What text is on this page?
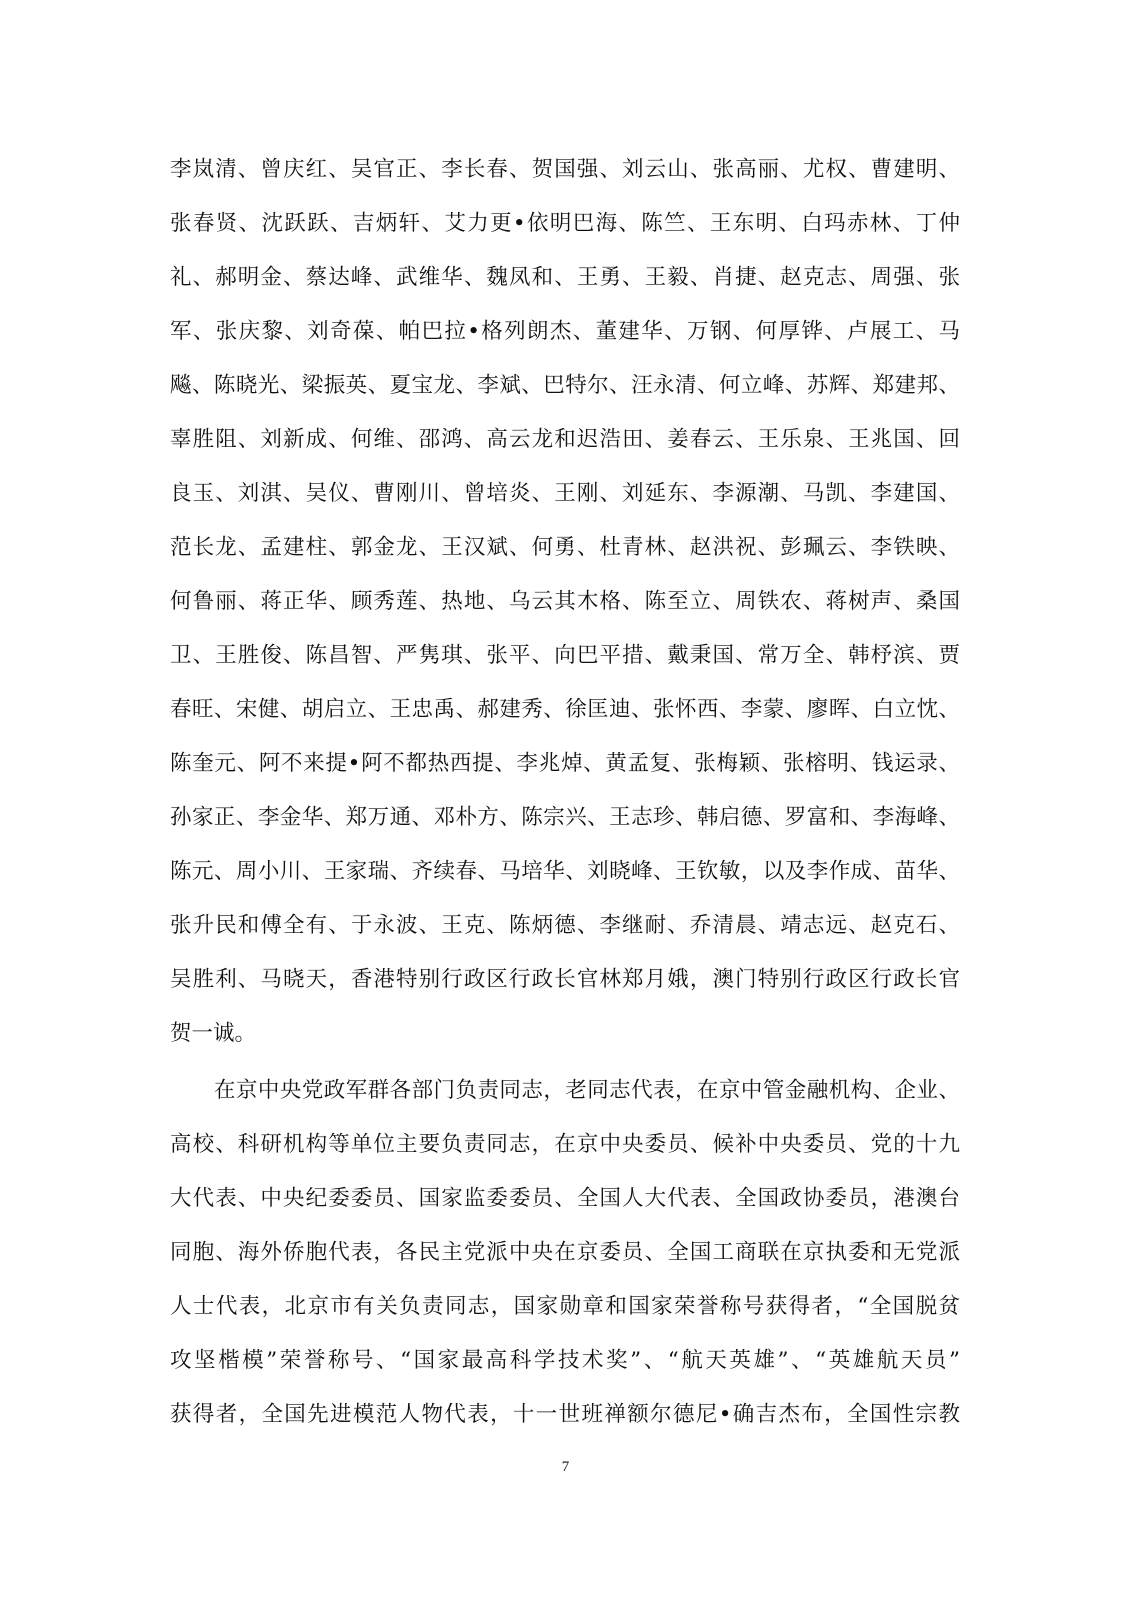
李岚清、曾庆红、吴官正、李长春、贺国强、刘云山、张高丽、尤权、曹建明、
张春贤、沈跃跃、吉炳轩、艾力更•依明巴海、陈竺、王东明、白玛赤林、丁仲
礼、郝明金、蔡达峰、武维华、魏凤和、王勇、王毅、肖捷、赵克志、周强、张
军、张庆黎、刘奇葆、帕巴拉•格列朗杰、董建华、万钢、何厚铧、卢展工、马
飚、陈晓光、梁振英、夏宝龙、李斌、巴特尔、汪永清、何立峰、苏辉、郑建邦、
辜胜阻、刘新成、何维、邵鸿、高云龙和迟浩田、姜春云、王乐泉、王兆国、回
良玉、刘淇、吴仪、曹刚川、曾培炎、王刚、刘延东、李源潮、马凯、李建国、
范长龙、孟建柱、郭金龙、王汉斌、何勇、杜青林、赵洪祝、彭珮云、李铁映、
何鲁丽、蒋正华、顾秀莲、热地、乌云其木格、陈至立、周铁农、蒋树声、桑国
卫、王胜俊、陈昌智、严隽琪、张平、向巴平措、戴秉国、常万全、韩杼滨、贾
春旺、宋健、胡启立、王忠禹、郝建秀、徐匡迪、张怀西、李蒙、廖晖、白立忱、
陈奎元、阿不来提•阿不都热西提、李兆焯、黄孟复、张梅颖、张榕明、钱运录、
孙家正、李金华、郑万通、邓朴方、陈宗兴、王志珍、韩启德、罗富和、李海峰、
陈元、周小川、王家瑞、齐续春、马培华、刘晓峰、王钦敏，以及李作成、苗华、
张升民和傅全有、于永波、王克、陈炳德、李继耐、乔清晨、靖志远、赵克石、
吴胜利、马晓天，香港特别行政区行政长官林郑月娥，澳门特别行政区行政长官
贺一诚。
在京中央党政军群各部门负责同志，老同志代表，在京中管金融机构、企业、
高校、科研机构等单位主要负责同志，在京中央委员、候补中央委员、党的十九
大代表、中央纪委委员、国家监委委员、全国人大代表、全国政协委员，港澳台
同胞、海外侨胞代表，各民主党派中央在京委员、全国工商联在京执委和无党派
人士代表，北京市有关负责同志，国家勋章和国家荣誉称号获得者，“全国脱贫
攻坚楷模”荣誉称号、“国家最高科学技术奖”、“航天英雄”、“英雄航天员”
获得者，全国先进模范人物代表，十一世班禅额尔德尼•确吉杰布，全国性宗教
7
